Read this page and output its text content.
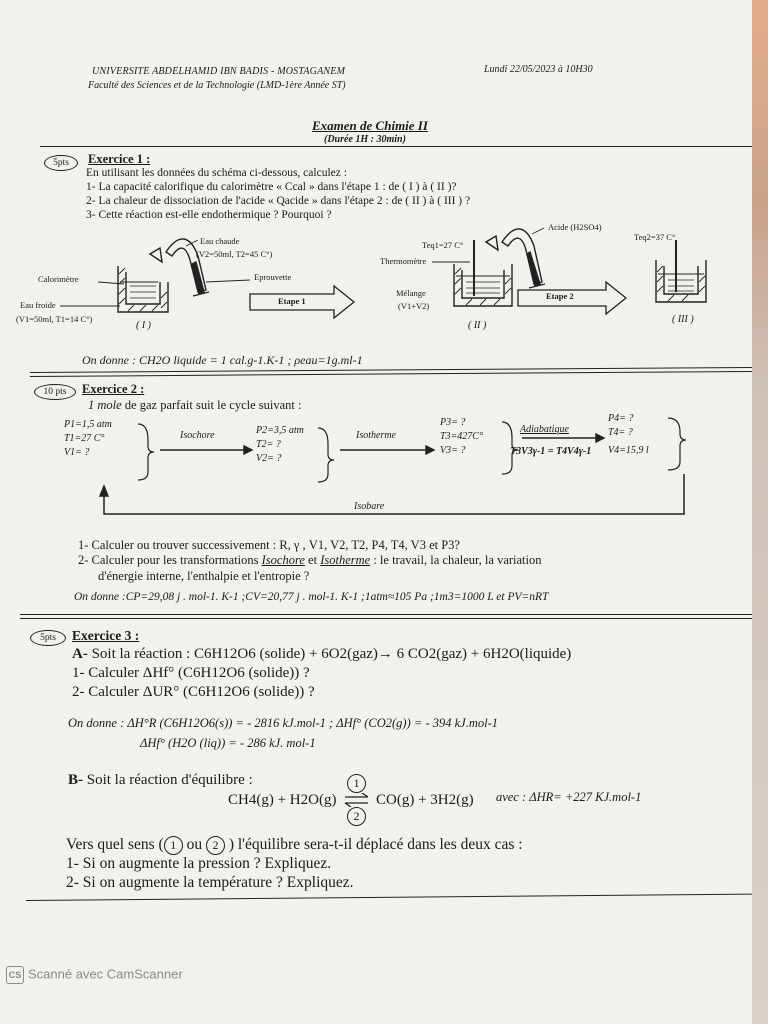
UNIVERSITE ABDELHAMID IBN BADIS - MOSTAGANEM
Faculté des Sciences et de la Technologie (LMD-1ère Année ST)
Lundi 22/05/2023 à 10H30
Examen de Chimie II
(Durée 1H : 30min)
5pts	Exercice 1 :
En utilisant les données du schéma ci-dessous, calculez :
1- La capacité calorifique du calorimètre « Ccal » dans l'étape 1 : de ( I ) à ( II )?
2- La chaleur de dissociation de l'acide « Qacide » dans l'étape 2 : de ( II ) à ( III ) ?
3- Cette réaction est-elle endothermique ? Pourquoi ?
Eau chaude
(V2=50ml, T2=45 C°)
Eprouvette
Calorimètre
Eau froide
(V1=50ml, T1=14 C°)
( I )
Etape 1
Teq1=27 C°
Thermomètre
Acide (H2SO4)
Mélange
(V1+V2)
( II )
Etape 2
Teq2=37 C°
( III )
On donne : CH2O liquide = 1 cal.g-1.K-1 ; ρeau=1g.ml-1
10 pts	Exercice 2 :
1 mole de gaz parfait suit le cycle suivant :
P1=1,5 atm
T1=27 C°
V1= ?
P2=3,5 atm
T2= ?
V2= ?
P3= ?
T3=427C°
V3= ?
P4= ?
T4= ?
V4=15,9 l
Isochore	Isotherme
Adiabatique
T3V3γ-1 = T4V4γ-1
Isobare
1- Calculer ou trouver successivement : R, γ , V1, V2, T2, P4, T4, V3 et P3?
2- Calculer pour les transformations Isochore et Isotherme : le travail, la chaleur, la variation
d'énergie interne, l'enthalpie et l'entropie ?
On donne :CP=29,08 j . mol-1. K-1 ;CV=20,77 j . mol-1. K-1 ;1atm≈105 Pa ;1m3=1000 L et PV=nRT
5pts	Exercice 3 :
A- Soit la réaction : C6H12O6 (solide) + 6O2(gaz)→ 6 CO2(gaz) + 6H2O(liquide)
1- Calculer ΔHf° (C6H12O6 (solide)) ?
2- Calculer ΔUR° (C6H12O6 (solide)) ?
On donne : ΔH°R (C6H12O6(s)) = - 2816 kJ.mol-1 ; ΔHf° (CO2(g)) = - 394 kJ.mol-1
ΔHf° (H2O (liq)) = - 286 kJ. mol-1
B- Soit la réaction d'équilibre :
CH4(g) + H2O(g)
1
2
CO(g) + 3H2(g) avec : ΔHR= +227 KJ.mol-1
Vers quel sens ( 1 ou 2 ) l'équilibre sera-t-il déplacé dans les deux cas :
1- Si on augmente la pression ? Expliquez.
2- Si on augmente la température ? Expliquez.
CS Scanné avec CamScanner
